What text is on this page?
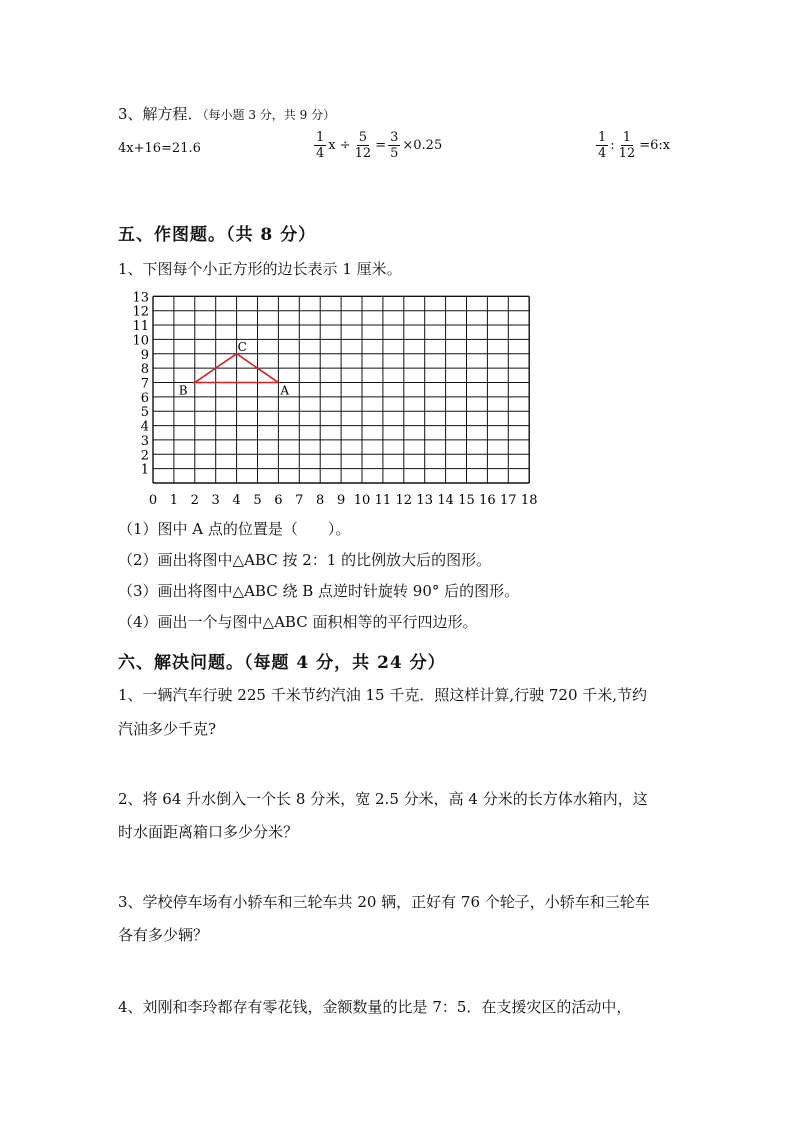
3、解方程．（每小题 3 分，共 9 分）
4x+16=21.6	$\frac{1}{4}$ $x \div \frac{5}{12} = \frac{3}{5} \times 0.25$	$\frac{1}{4}$ : $\frac{1}{12}$ =6:x
五、作图题。（共 8 分）
1、下图每个小正方形的边长表示 1 厘米。
1
2
3
4
5
6
7
8
9
10
11
12
13
0 1 2 3 4 5 6 7 8 9 10 11 12 13 14 15 16 17 18
A
B
C
（1）图中 A 点的位置是（　　）。
（2）画出将图中△ABC 按 2：1 的比例放大后的图形。
（3）画出将图中△ABC 绕 B 点逆时针旋转 90° 后的图形。
（4）画出一个与图中△ABC 面积相等的平行四边形。
六、解决问题。（每题 4 分，共 24 分）
1、一辆汽车行驶 225 千米节约汽油 15 千克．照这样计算,行驶 720 千米,节约
汽油多少千克?
2、将 64 升水倒入一个长 8 分米，宽 2.5 分米，高 4 分米的长方体水箱内，这
时水面距离箱口多少分米？
3、学校停车场有小轿车和三轮车共 20 辆，正好有 76 个轮子，小轿车和三轮车
各有多少辆？
4、刘刚和李玲都存有零花钱，金额数量的比是 7：5．在支援灾区的活动中，
